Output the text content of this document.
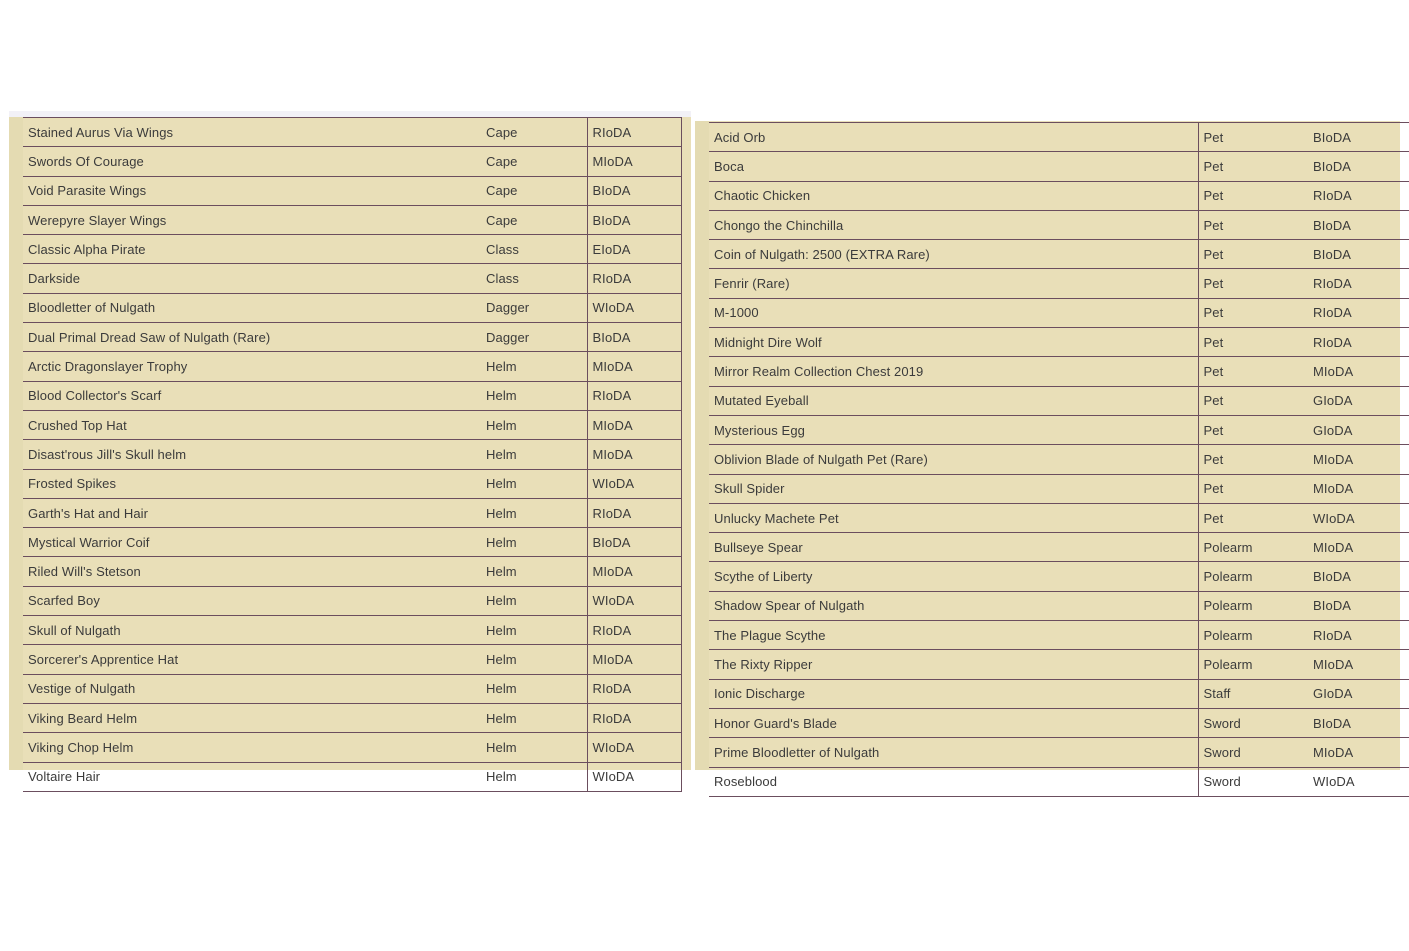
Stained Aurus Via Wings	Cape	RIoDA
Swords Of Courage	Cape	MIoDA
Void Parasite Wings	Cape	BIoDA
Werepyre Slayer Wings	Cape	BIoDA
Classic Alpha Pirate	Class	EIoDA
Darkside	Class	RIoDA
Bloodletter of Nulgath	Dagger	WIoDA
Dual Primal Dread Saw of Nulgath (Rare)	Dagger	BIoDA
Arctic Dragonslayer Trophy	Helm	MIoDA
Blood Collector's Scarf	Helm	RIoDA
Crushed Top Hat	Helm	MIoDA
Disast'rous Jill's Skull helm	Helm	MIoDA
Frosted Spikes	Helm	WIoDA
Garth's Hat and Hair	Helm	RIoDA
Mystical Warrior Coif	Helm	BIoDA
Riled Will's Stetson	Helm	MIoDA
Scarfed Boy	Helm	WIoDA
Skull of Nulgath	Helm	RIoDA
Sorcerer's Apprentice Hat	Helm	MIoDA
Vestige of Nulgath	Helm	RIoDA
Viking Beard Helm	Helm	RIoDA
Viking Chop Helm	Helm	WIoDA
Voltaire Hair	Helm	WIoDA
Acid Orb	Pet	BIoDA
Boca	Pet	BIoDA
Chaotic Chicken	Pet	RIoDA
Chongo the Chinchilla	Pet	BIoDA
Coin of Nulgath: 2500 (EXTRA Rare)	Pet	BIoDA
Fenrir (Rare)	Pet	RIoDA
M-1000	Pet	RIoDA
Midnight Dire Wolf	Pet	RIoDA
Mirror Realm Collection Chest 2019	Pet	MIoDA
Mutated Eyeball	Pet	GIoDA
Mysterious Egg	Pet	GIoDA
Oblivion Blade of Nulgath Pet (Rare)	Pet	MIoDA
Skull Spider	Pet	MIoDA
Unlucky Machete Pet	Pet	WIoDA
Bullseye Spear	Polearm	MIoDA
Scythe of Liberty	Polearm	BIoDA
Shadow Spear of Nulgath	Polearm	BIoDA
The Plague Scythe	Polearm	RIoDA
The Rixty Ripper	Polearm	MIoDA
Ionic Discharge	Staff	GIoDA
Honor Guard's Blade	Sword	BIoDA
Prime Bloodletter of Nulgath	Sword	MIoDA
Roseblood	Sword	WIoDA
